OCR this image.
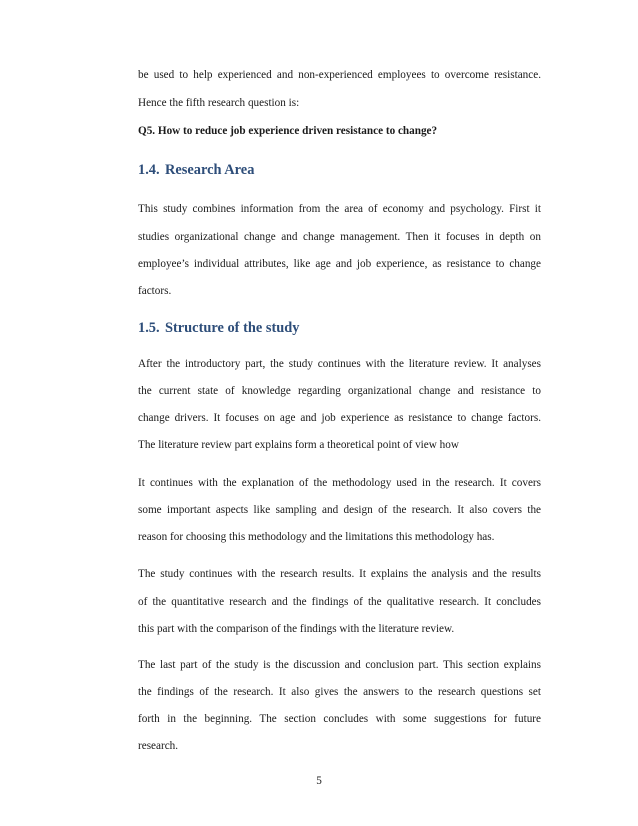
be used to help experienced and non-experienced employees to overcome resistance.
Hence the fifth research question is:
Q5. How to reduce job experience driven resistance to change?
1.4. Research Area
This study combines information from the area of economy and psychology. First it
studies organizational change and change management. Then it focuses in depth on
employee’s individual attributes, like age and job experience, as resistance to change
factors.
1.5. Structure of the study
After the introductory part, the study continues with the literature review. It analyses
the current state of knowledge regarding organizational change and resistance to
change drivers. It focuses on age and job experience as resistance to change factors.
The literature review part explains form a theoretical point of view how
It continues with the explanation of the methodology used in the research. It covers
some important aspects like sampling and design of the research. It also covers the
reason for choosing this methodology and the limitations this methodology has.
The study continues with the research results. It explains the analysis and the results
of the quantitative research and the findings of the qualitative research. It concludes
this part with the comparison of the findings with the literature review.
The last part of the study is the discussion and conclusion part. This section explains
the findings of the research. It also gives the answers to the research questions set
forth in the beginning. The section concludes with some suggestions for future
research.
5
